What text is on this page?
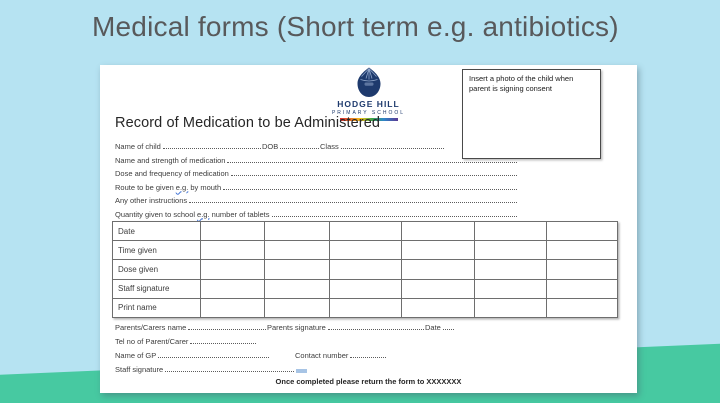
Medical forms (Short term e.g. antibiotics)
HODGE HILL
PRIMARY SCHOOL
Insert a photo of the child when parent is signing consent
Record of Medication to be Administered
Name of child	DOB	Class
Name and strength of medication
Dose and frequency of medication
Route to be given e.g. by mouth
Any other instructions
Quantity given to school e.g. number of tablets
Date						
Time given						
Dose given						
Staff signature						
Print name						
Parents/Carers name	Parents signature	Date
Tel no of Parent/Carer
Name of GP	Contact number
Staff signature
Once completed please return the form to XXXXXXX
